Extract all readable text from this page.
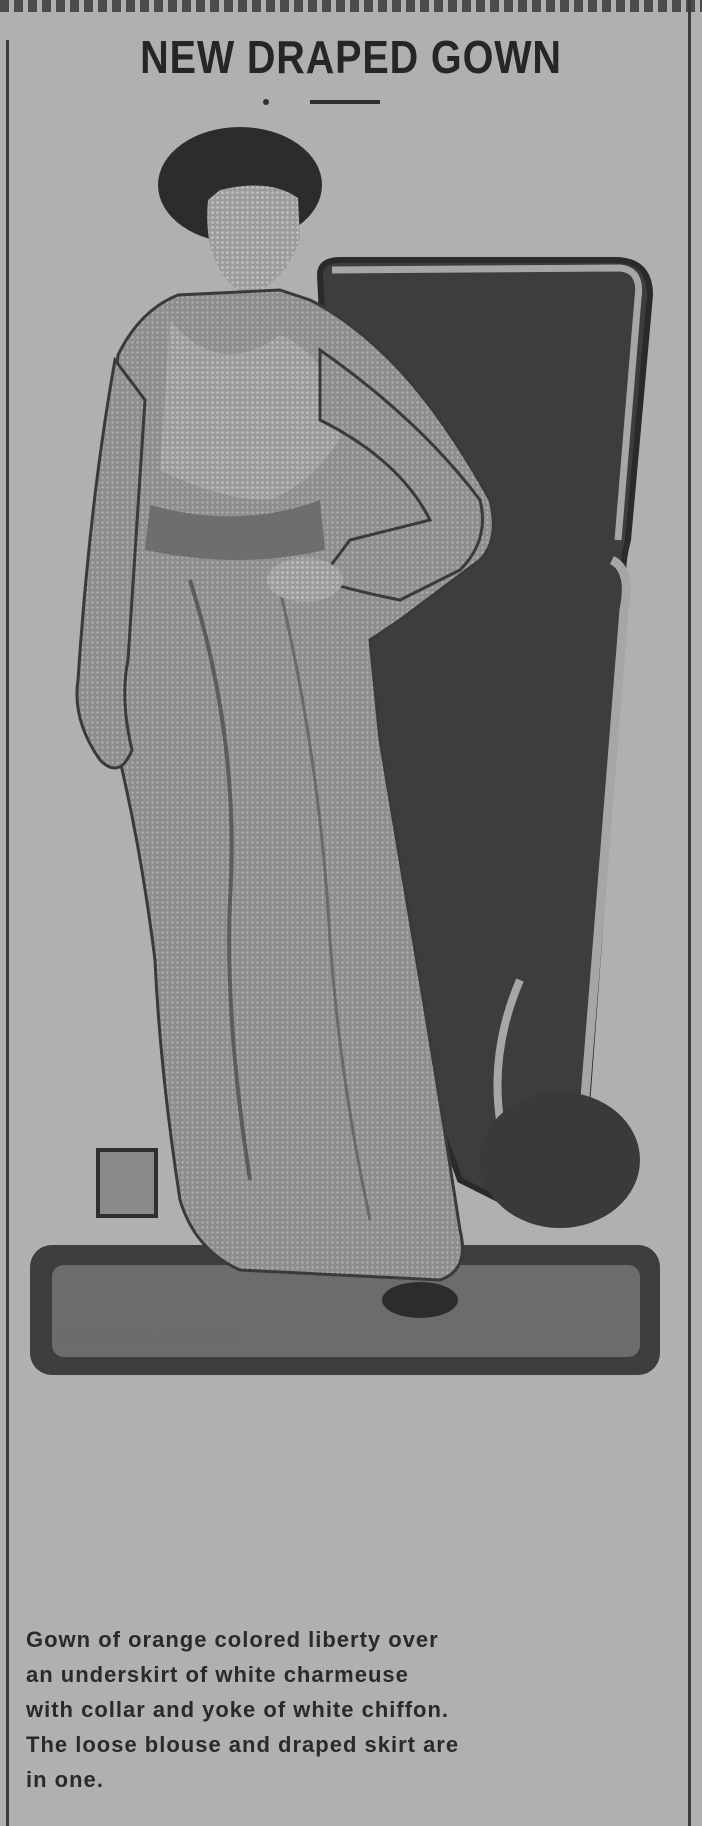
NEW DRAPED GOWN
Underwood & Underwood
Gown of orange colored liberty over
an underskirt of white charmeuse
with collar and yoke of white chiffon.
The loose blouse and draped skirt are
in one.
